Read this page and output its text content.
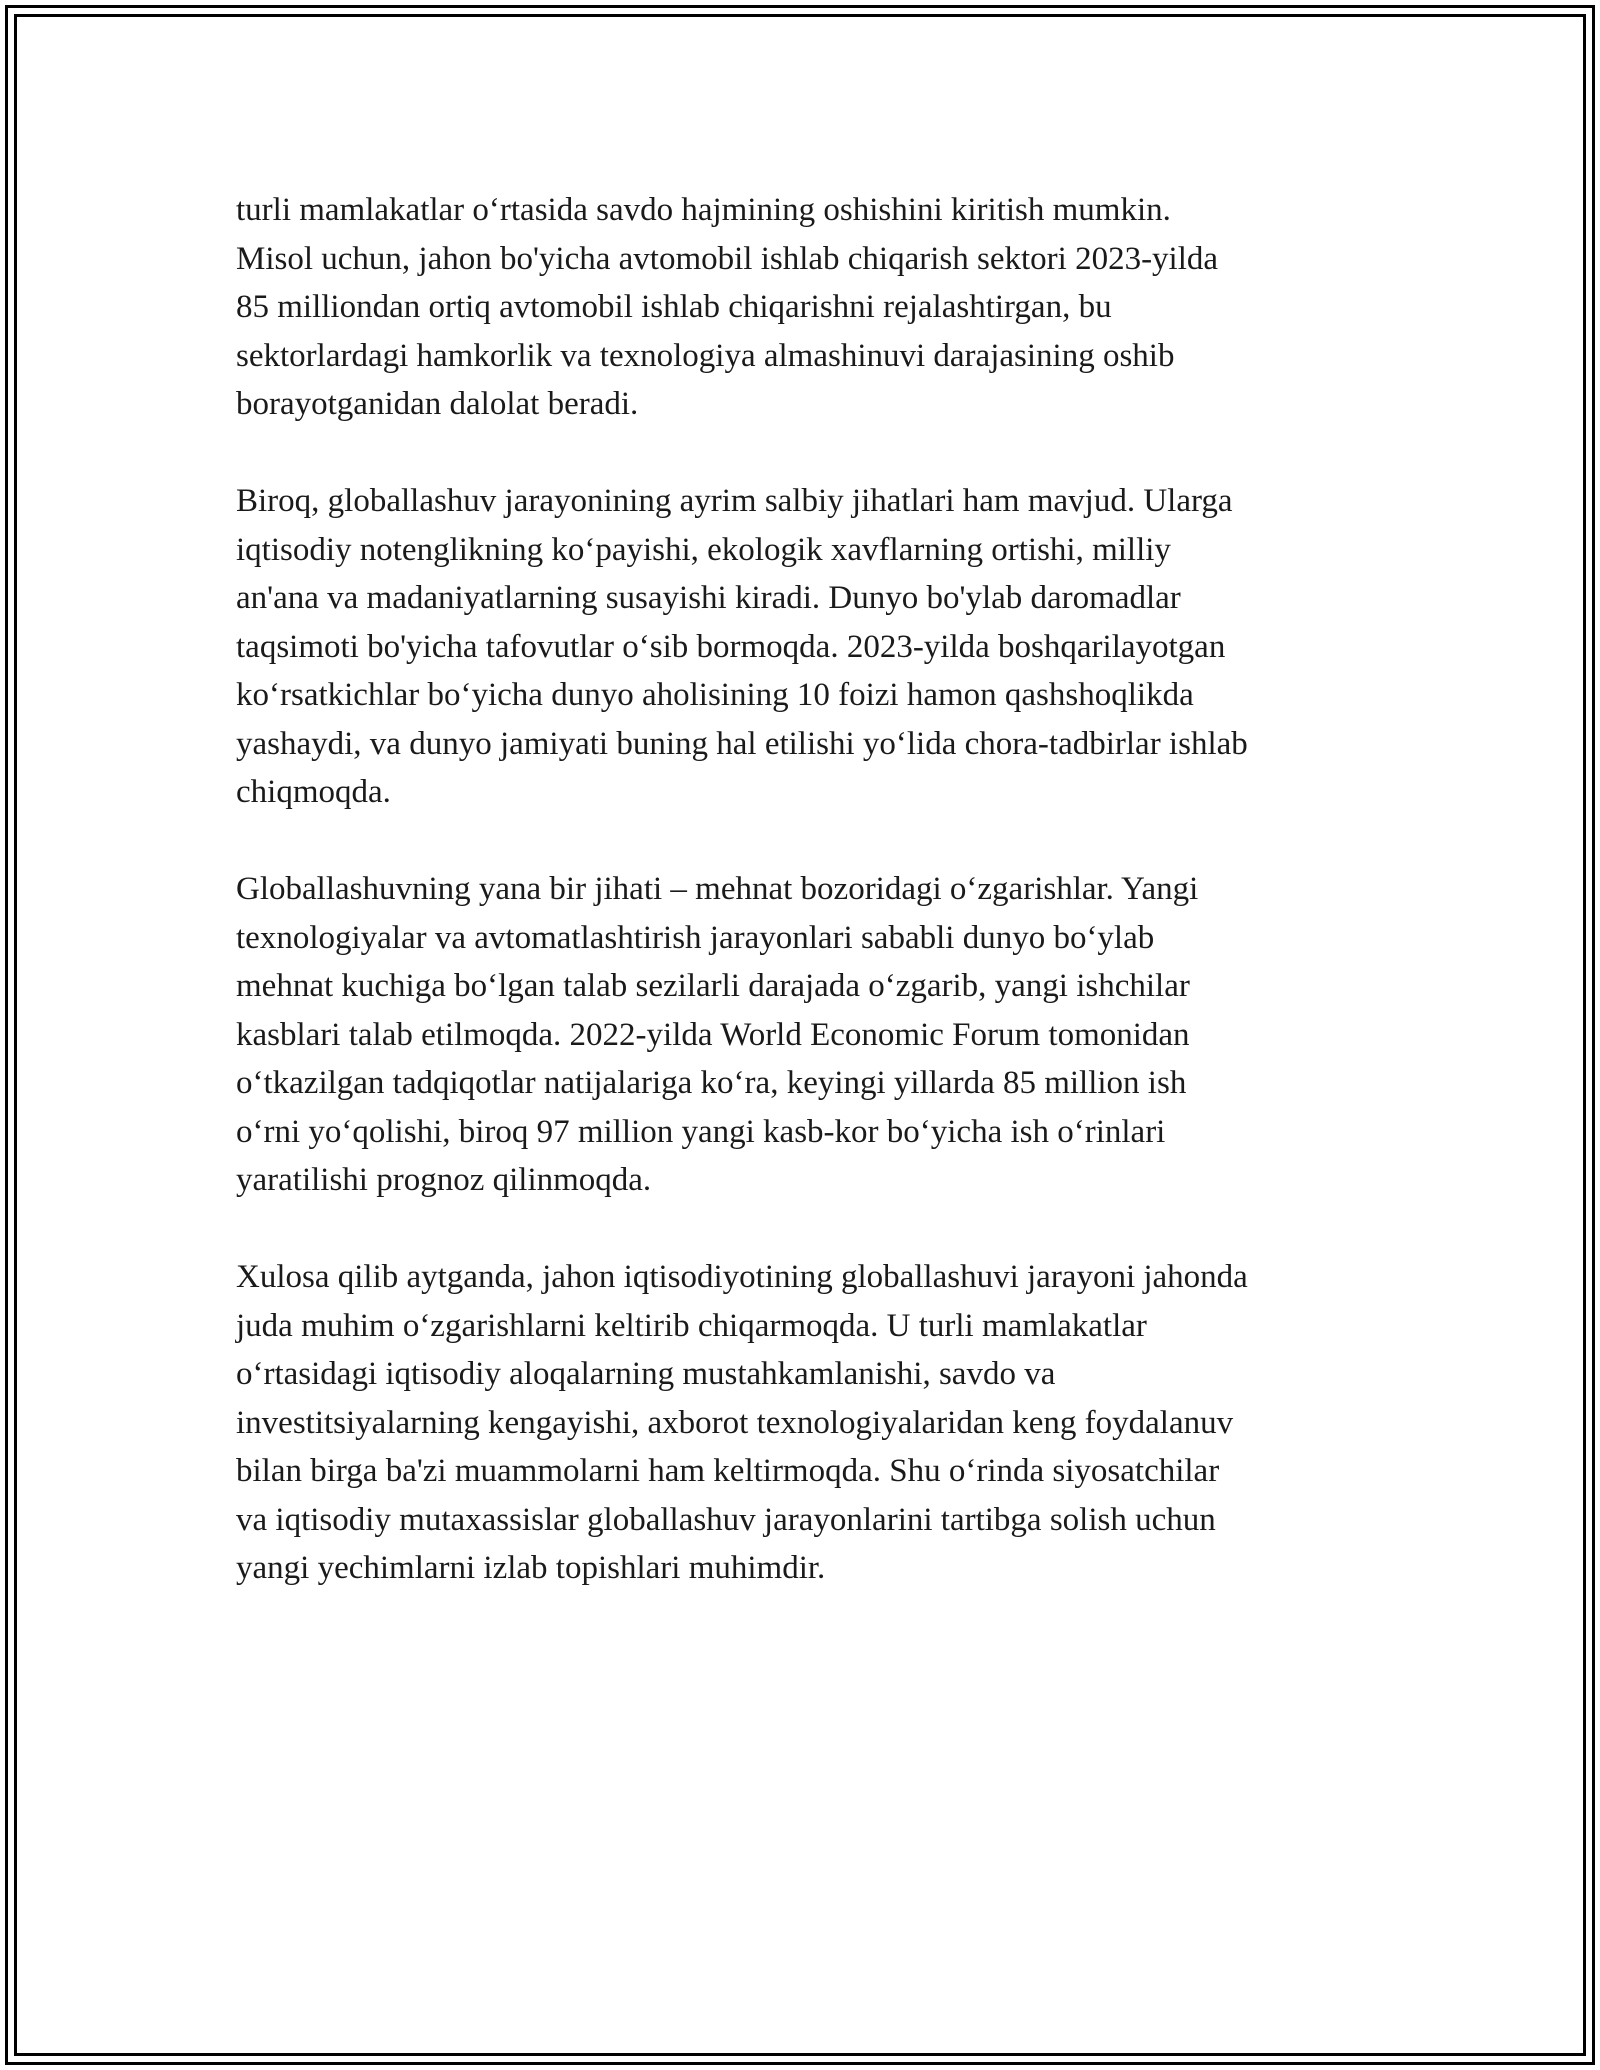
turli mamlakatlar o‘rtasida savdo hajmining oshishini kiritish mumkin.
Misol uchun, jahon bo'yicha avtomobil ishlab chiqarish sektori 2023-yilda
85 milliondan ortiq avtomobil ishlab chiqarishni rejalashtirgan, bu
sektorlardagi hamkorlik va texnologiya almashinuvi darajasining oshib
borayotganidan dalolat beradi.

Biroq, globallashuv jarayonining ayrim salbiy jihatlari ham mavjud. Ularga
iqtisodiy notenglikning ko‘payishi, ekologik xavflarning ortishi, milliy
an'ana va madaniyatlarning susayishi kiradi. Dunyo bo'ylab daromadlar
taqsimoti bo'yicha tafovutlar o‘sib bormoqda. 2023-yilda boshqarilayotgan
ko‘rsatkichlar bo‘yicha dunyo aholisining 10 foizi hamon qashshoqlikda
yashaydi, va dunyo jamiyati buning hal etilishi yo‘lida chora-tadbirlar ishlab
chiqmoqda.

Globallashuvning yana bir jihati – mehnat bozoridagi o‘zgarishlar. Yangi
texnologiyalar va avtomatlashtirish jarayonlari sababli dunyo bo‘ylab
mehnat kuchiga bo‘lgan talab sezilarli darajada o‘zgarib, yangi ishchilar
kasblari talab etilmoqda. 2022-yilda World Economic Forum tomonidan
o‘tkazilgan tadqiqotlar natijalariga ko‘ra, keyingi yillarda 85 million ish
o‘rni yo‘qolishi, biroq 97 million yangi kasb-kor bo‘yicha ish o‘rinlari
yaratilishi prognoz qilinmoqda.

Xulosa qilib aytganda, jahon iqtisodiyotining globallashuvi jarayoni jahonda
juda muhim o‘zgarishlarni keltirib chiqarmoqda. U turli mamlakatlar
o‘rtasidagi iqtisodiy aloqalarning mustahkamlanishi, savdo va
investitsiyalarning kengayishi, axborot texnologiyalaridan keng foydalanuv
bilan birga ba'zi muammolarni ham keltirmoqda. Shu o‘rinda siyosatchilar
va iqtisodiy mutaxassislar globallashuv jarayonlarini tartibga solish uchun
yangi yechimlarni izlab topishlari muhimdir.
